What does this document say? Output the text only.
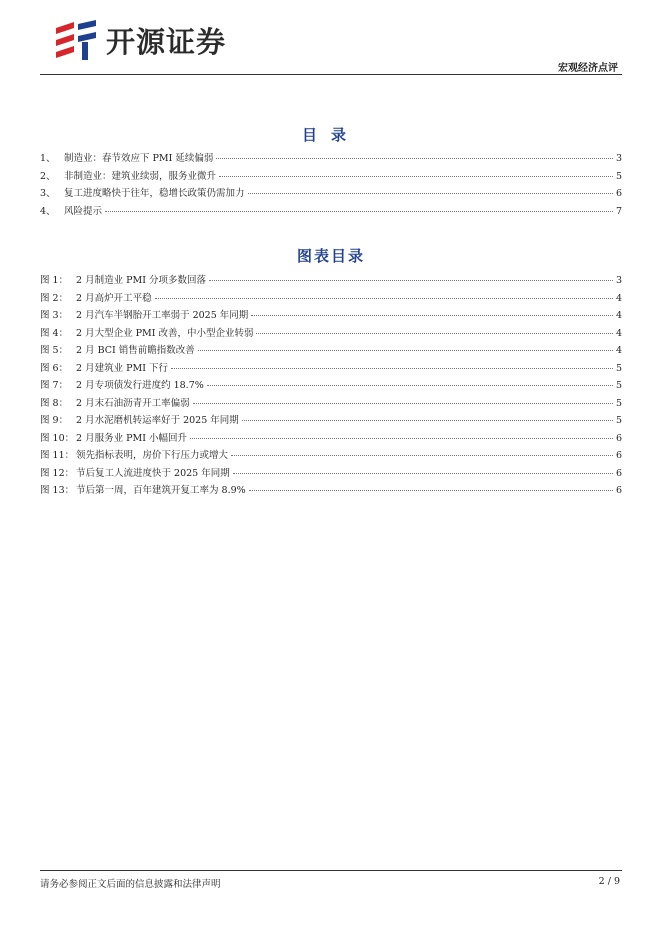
开源证券
宏观经济点评
目录
1、 制造业：春节效应下 PMI 延续偏弱	3
2、 非制造业：建筑业续弱，服务业微升	5
3、 复工进度略快于往年，稳增长政策仍需加力	6
4、 风险提示	7
图表目录
图 1： 2 月制造业 PMI 分项多数回落	3
图 2： 2 月高炉开工平稳	4
图 3： 2 月汽车半钢胎开工率弱于 2025 年同期	4
图 4： 2 月大型企业 PMI 改善，中小型企业转弱	4
图 5： 2 月 BCI 销售前瞻指数改善	4
图 6： 2 月建筑业 PMI 下行	5
图 7： 2 月专项债发行进度约 18.7%	5
图 8： 2 月末石油沥青开工率偏弱	5
图 9： 2 月水泥磨机转运率好于 2025 年同期	5
图 10： 2 月服务业 PMI 小幅回升	6
图 11： 领先指标表明，房价下行压力或增大	6
图 12： 节后复工人流进度快于 2025 年同期	6
图 13： 节后第一周，百年建筑开复工率为 8.9%	6
请务必参阅正文后面的信息披露和法律声明	2 / 9
